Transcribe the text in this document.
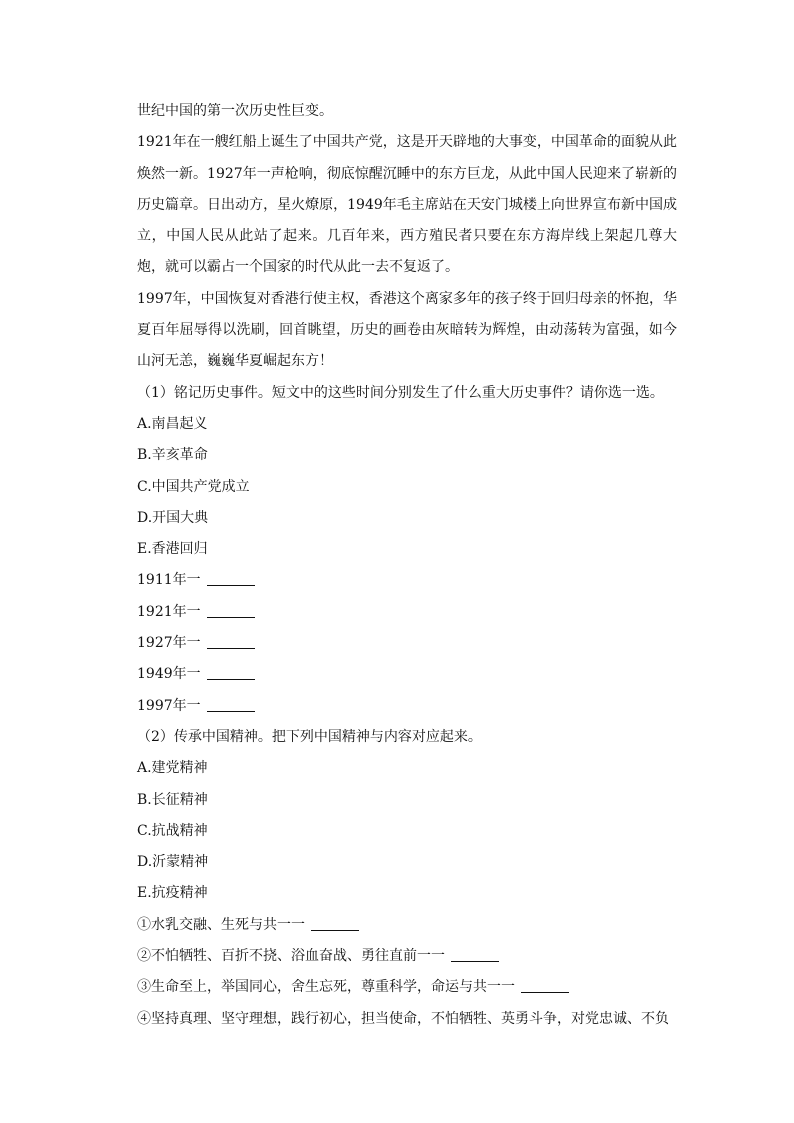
世纪中国的第一次历史性巨变。
1921年在一艘红船上诞生了中国共产党，这是开天辟地的大事变，中国革命的面貌从此焕然一新。1927年一声枪响，彻底惊醒沉睡中的东方巨龙，从此中国人民迎来了崭新的历史篇章。日出动方，星火燎原，1949年毛主席站在天安门城楼上向世界宣布新中国成立，中国人民从此站了起来。几百年来，西方殖民者只要在东方海岸线上架起几尊大炮，就可以霸占一个国家的时代从此一去不复返了。
1997年，中国恢复对香港行使主权，香港这个离家多年的孩子终于回归母亲的怀抱，华夏百年屈辱得以洗刷，回首眺望，历史的画卷由灰暗转为辉煌，由动荡转为富强，如今山河无恙，巍巍华夏崛起东方！
（1）铭记历史事件。短文中的这些时间分别发生了什么重大历史事件？请你选一选。
A.南昌起义
B.辛亥革命
C.中国共产党成立
D.开国大典
E.香港回归
1911年一
1921年一
1927年一
1949年一
1997年一
（2）传承中国精神。把下列中国精神与内容对应起来。
A.建党精神
B.长征精神
C.抗战精神
D.沂蒙精神
E.抗疫精神
①水乳交融、生死与共一一
②不怕牺牲、百折不挠、浴血奋战、勇往直前一一
③生命至上，举国同心，舍生忘死，尊重科学，命运与共一一
④坚持真理、坚守理想，践行初心，担当使命，不怕牺牲、英勇斗争，对党忠诚、不负
